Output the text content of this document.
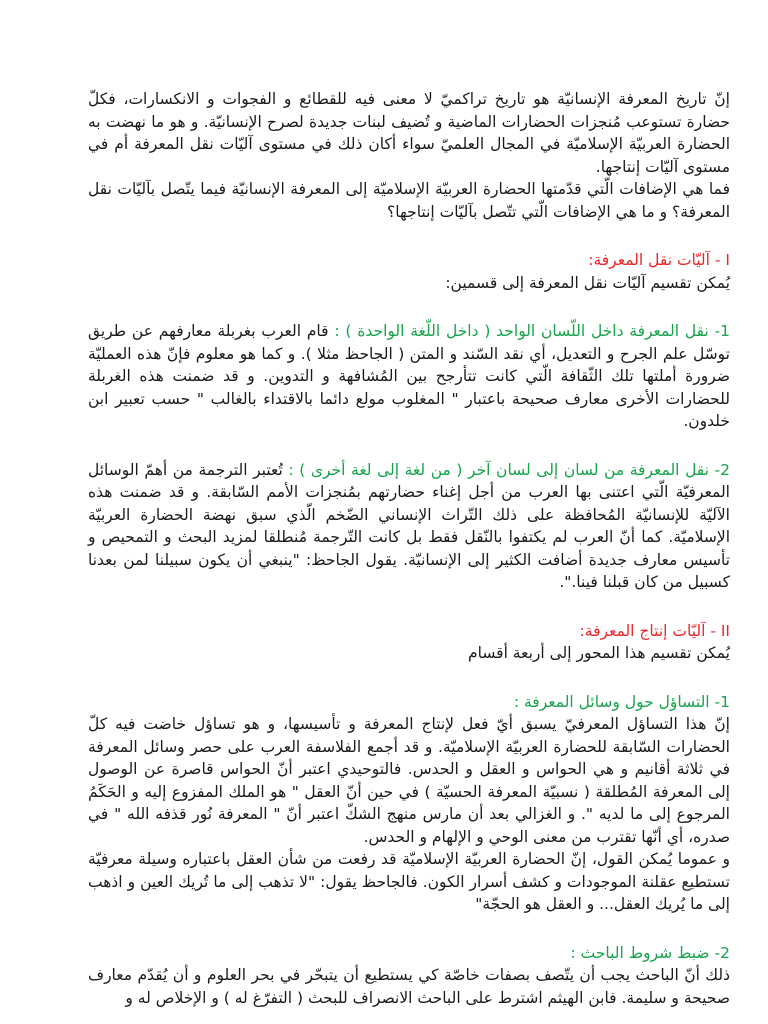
إنّ تاريخ المعرفة الإنسانيّة هو تاريخ تراكميّ لا معنى فيه للقطائع و الفجوات و الانكسارات، فكلّ حضارة تستوعب مُنجزات الحضارات الماضية و تُضيف لبنات جديدة لصرح الإنسانيّة. و هو ما نهضت به الحضارة العربيّة الإسلاميّة في المجال العلميّ سواء أكان ذلك في مستوى آليّات نقل المعرفة أم في مستوى آليّات إنتاجها.

فما هي الإضافات الّتي قدّمتها الحضارة العربيّة الإسلاميّة إلى المعرفة الإنسانيّة فيما يتّصل بآليّات نقل المعرفة؟ و ما هي الإضافات الّتي تتّصل بآليّات إنتاجها؟

I - آليّات نقل المعرفة:

يُمكن تقسيم آليّات نقل المعرفة إلى قسمين:

1- نقل المعرفة داخل اللّسان الواحد ( داخل اللّغة الواحدة ) : قام العرب بغربلة معارفهم عن طريق توسّل علم الجرح و التعديل، أي نقد السّند و المتن ( الجاحظ مثلا ). و كما هو معلوم فإنّ هذه العمليّة ضرورة أملتها تلك الثّقافة الّتي كانت تتأرجح بين المُشافهة و التدوين. و قد ضمنت هذه الغربلة للحضارات الأخرى معارف صحيحة باعتبار " المغلوب مولع دائما بالاقتداء بالغالب " حسب تعبير ابن خلدون.

2- نقل المعرفة من لسان إلى لسان آخر ( من لغة إلى لغة أخرى ) : تُعتبر الترجمة من أهمّ الوسائل المعرفيّة الّتي اعتنى بها العرب من أجل إغناء حضارتهم بمُنجزات الأمم السّابقة. و قد ضمنت هذه الآليّة للإنسانيّة المُحافظة على ذلك التّراث الإنساني الضّخم الّذي سبق نهضة الحضارة العربيّة الإسلاميّة. كما أنّ العرب لم يكتفوا بالنّقل فقط بل كانت التّرجمة مُنطلقا لمزيد البحث و التمحيص و تأسيس معارف جديدة أضافت الكثير إلى الإنسانيّة. يقول الجاحظ: "ينبغي أن يكون سبيلنا لمن بعدنا كسبيل من كان قبلنا فينا.".

II - آليّات إنتاج المعرفة:

يُمكن تقسيم هذا المحور إلى أربعة أقسام

1- التساؤل حول وسائل المعرفة :

إنّ هذا التساؤل المعرفيّ يسبق أيّ فعل لإنتاج المعرفة و تأسيسها، و هو تساؤل خاضت فيه كلّ الحضارات السّابقة للحضارة العربيّة الإسلاميّة. و قد أجمع الفلاسفة العرب على حصر وسائل المعرفة في ثلاثة أقانيم و هي الحواس و العقل و الحدس. فالتوحيدي اعتبر أنّ الحواس قاصرة عن الوصول إلى المعرفة المُطلقة ( نسبيّة المعرفة الحسيّة ) في حين أنّ العقل " هو الملك المفزوع إليه و الحَكَمُ المرجوع إلى ما لديه ". و الغزالي بعد أن مارس منهج الشكّ اعتبر أنّ " المعرفة نُور قذفه الله " في صدره، أي أنّها تقترب من معنى الوحي و الإلهام و الحدس.

و عموما يُمكن القول، إنّ الحضارة العربيّة الإسلاميّة قد رفعت من شأن العقل باعتباره وسيلة معرفيّة تستطيع عقلنة الموجودات و كشف أسرار الكون. فالجاحظ يقول: "لا تذهب إلى ما تُريك العين و اذهب إلى ما يُريك العقل... و العقل هو الحجّة"

2- ضبط شروط الباحث :

ذلك أنّ الباحث يجب أن يتّصف بصفات خاصّة كي يستطيع أن يتبحّر في بحر العلوم و أن يُقدّم معارف صحيحة و سليمة. فابن الهيثم اشترط على الباحث الانصراف للبحث ( التفرّغ له ) و الإخلاص له و
